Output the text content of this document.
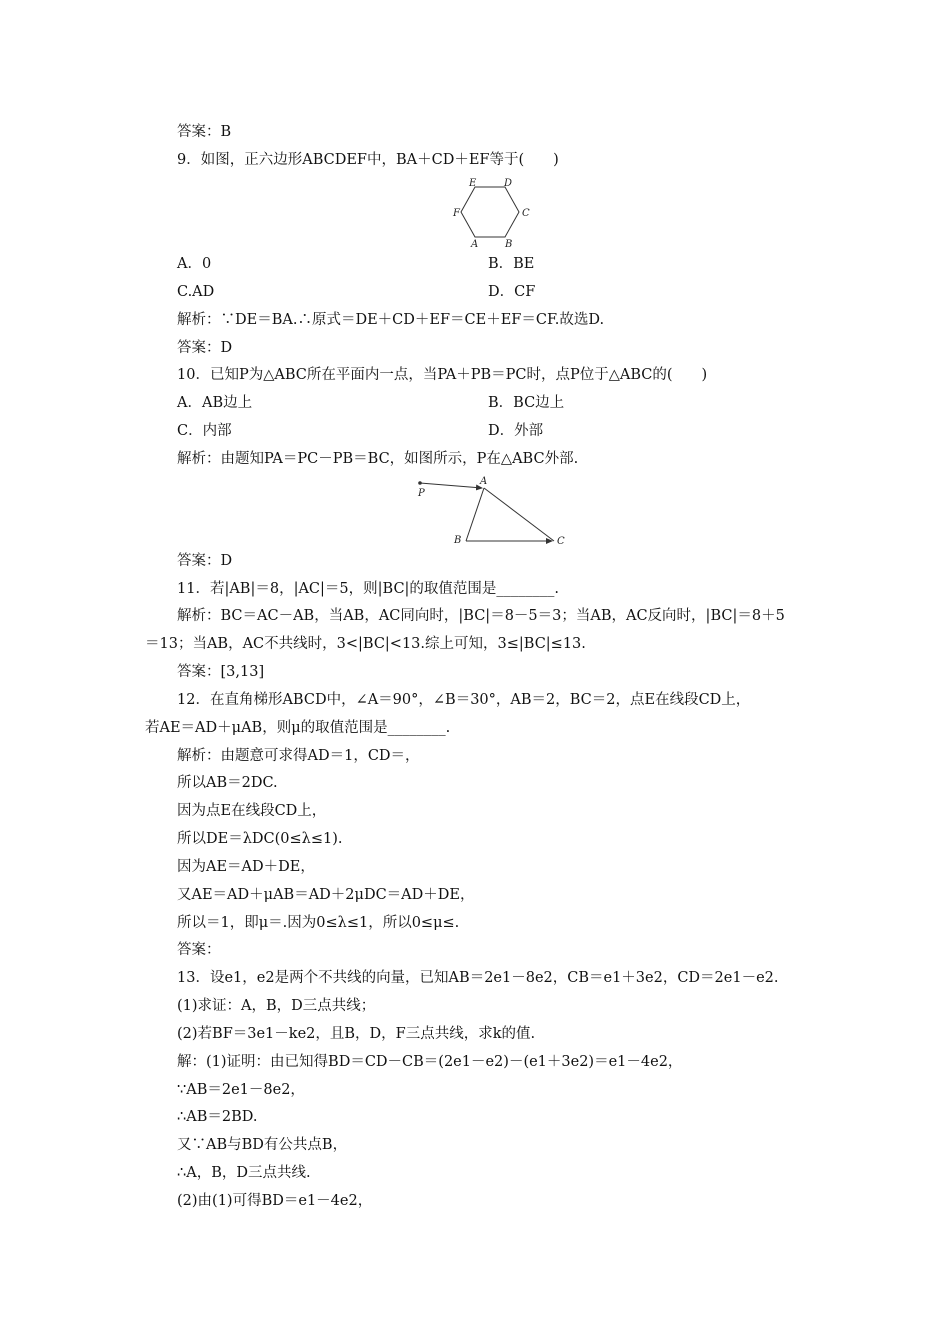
答案：B
9．如图，正六边形ABCDEF中，BA＋CD＋EF等于(　　)
E	D
F	C
A	B
A．0	B．BE
C.AD	D．CF
解析：∵DE＝BA.∴原式＝DE＋CD＋EF＝CE＋EF＝CF.故选D.
答案：D
10．已知P为△ABC所在平面内一点，当PA＋PB＝PC时，点P位于△ABC的(　　)
A．AB边上	B．BC边上
C．内部	D．外部
解析：由题知PA＝PC－PB＝BC，如图所示，P在△ABC外部.
P
A
B	C
答案：D
11．若|AB|＝8，|AC|＝5，则|BC|的取值范围是________.
解析：BC＝AC－AB，当AB，AC同向时，|BC|＝8－5＝3；当AB，AC反向时，|BC|＝8＋5
＝13；当AB，AC不共线时，3<|BC|<13.综上可知，3≤|BC|≤13.
答案：[3,13]
12．在直角梯形ABCD中，∠A＝90°，∠B＝30°，AB＝2，BC＝2，点E在线段CD上，
若AE＝AD＋μAB，则μ的取值范围是________.
解析：由题意可求得AD＝1，CD＝，
所以AB＝2DC.
因为点E在线段CD上，
所以DE＝λDC(0≤λ≤1).
因为AE＝AD＋DE，
又AE＝AD＋μAB＝AD＋2μDC＝AD＋DE，
所以＝1，即μ＝.因为0≤λ≤1，所以0≤μ≤.
答案：
13．设e1，e2是两个不共线的向量，已知AB＝2e1－8e2，CB＝e1＋3e2，CD＝2e1－e2.
(1)求证：A，B，D三点共线；
(2)若BF＝3e1－ke2，且B，D，F三点共线，求k的值.
解：(1)证明：由已知得BD＝CD－CB＝(2e1－e2)－(e1＋3e2)＝e1－4e2，
∵AB＝2e1－8e2，
∴AB＝2BD.
又∵AB与BD有公共点B，
∴A，B，D三点共线.
(2)由(1)可得BD＝e1－4e2，
